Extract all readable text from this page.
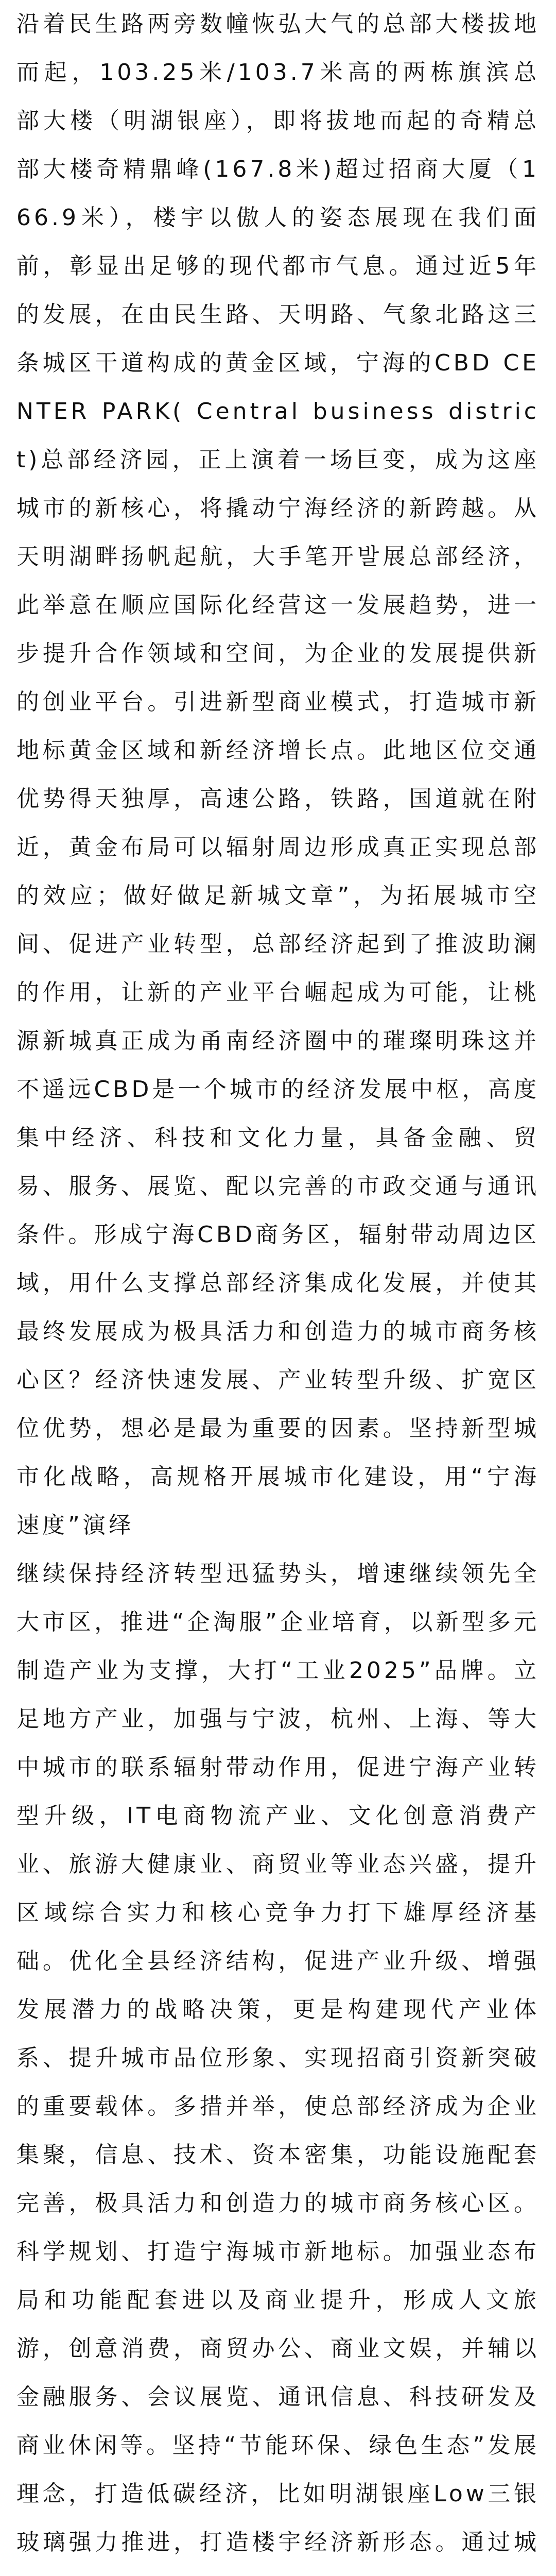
沿着民生路两旁数幢恢弘大气的总部大楼拔地而起，103.25米/103.7米高的两栋旗滨总部大楼（明湖银座），即将拔地而起的奇精总部大楼奇精鼎峰(167.8米)超过招商大厦（166.9米），楼宇以傲人的姿态展现在我们面前，彰显出足够的现代都市气息。通过近5年的发展，在由民生路、天明路、气象北路这三条城区干道构成的黄金区域，宁海的CBD CENTER PARK( Central business district)总部经济园，正上演着一场巨变，成为这座城市的新核心，将撬动宁海经济的新跨越。从天明湖畔扬帆起航，大手笔开발展总部经济，此举意在顺应国际化经营这一发展趋势，进一步提升合作领域和空间，为企业的发展提供新的创业平台。引进新型商业模式，打造城市新地标黄金区域和新经济增长点。此地区位交通优势得天独厚，高速公路，铁路，国道就在附近，黄金布局可以辐射周边形成真正实现总部的效应；做好做足新城文章”，为拓展城市空间、促进产业转型，总部经济起到了推波助澜的作用，让新的产业平台崛起成为可能，让桃源新城真正成为甬南经济圈中的璀璨明珠这并不遥远CBD是一个城市的经济发展中枢，高度集中经济、科技和文化力量，具备金融、贸易、服务、展览、配以完善的市政交通与通讯条件。形成宁海CBD商务区，辐射带动周边区域，用什么支撑总部经济集成化发展，并使其最终发展成为极具活力和创造力的城市商务核心区？经济快速发展、产业转型升级、扩宽区位优势，想必是最为重要的因素。坚持新型城市化战略，高规格开展城市化建设，用“宁海速度”演绎

继续保持经济转型迅猛势头，增速继续领先全大市区，推进“企淘服”企业培育，以新型多元制造产业为支撑，大打“工业2025”品牌。立足地方产业，加强与宁波，杭州、上海、等大中城市的联系辐射带动作用，促进宁海产业转型升级，IT电商物流产业、文化创意消费产业、旅游大健康业、商贸业等业态兴盛，提升区域综合实力和核心竞争力打下雄厚经济基础。优化全县经济结构，促进产业升级、增强发展潜力的战略决策，更是构建现代产业体系、提升城市品位形象、实现招商引资新突破的重要载体。多措并举，使总部经济成为企业集聚，信息、技术、资本密集，功能设施配套完善，极具活力和创造力的城市商务核心区。科学规划、打造宁海城市新地标。加强业态布局和功能配套进以及商业提升，形成人文旅游，创意消费，商贸办公、商业文娱，并辅以金融服务、会议展览、通讯信息、科技研发及商业休闲等。坚持“节能环保、绿色生态”发展理念，打造低碳经济，比如明湖银座Low三银玻璃强力推进，打造楼宇经济新形态。通过城
